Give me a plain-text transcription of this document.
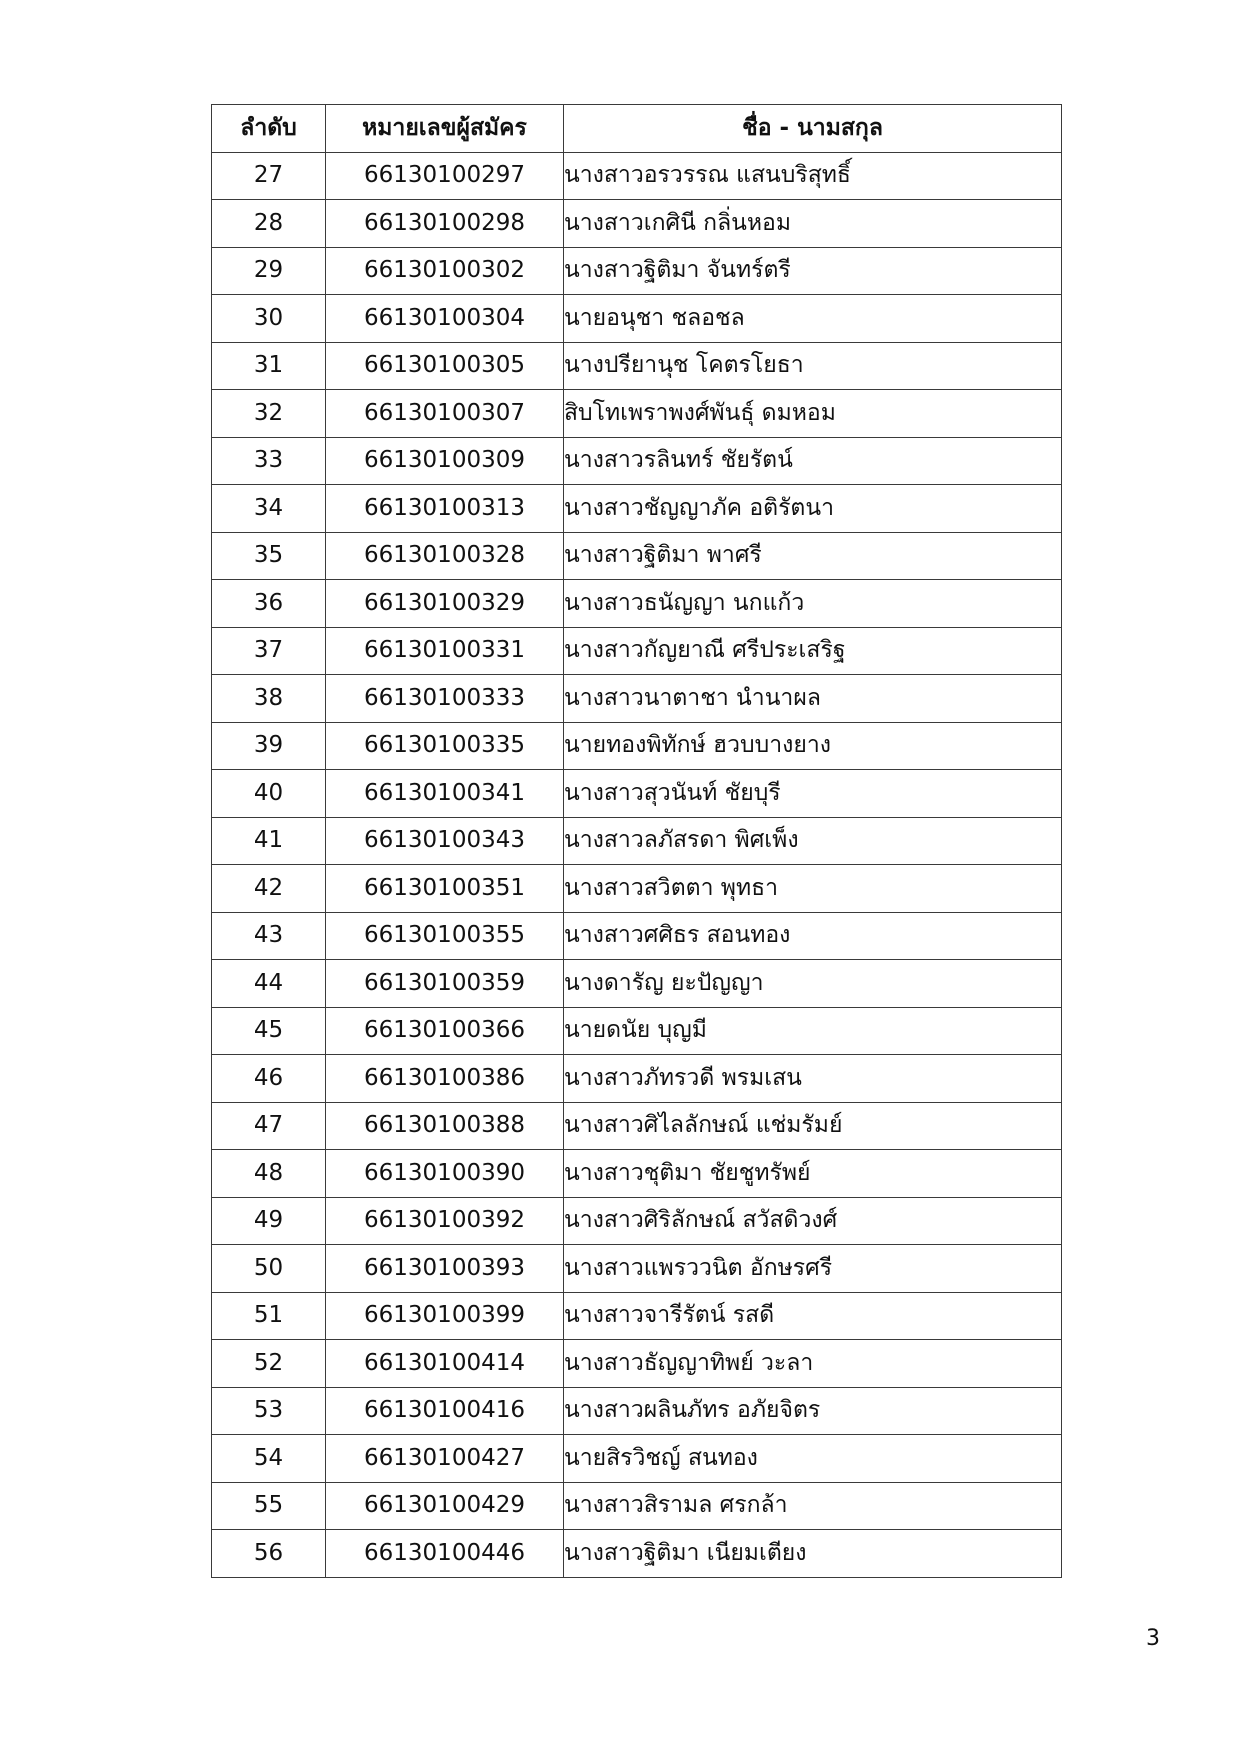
ลำดับ	หมายเลขผู้สมัคร	ชื่อ - นามสกุล
27	66130100297	นางสาวอรวรรณ แสนบริสุทธิ์
28	66130100298	นางสาวเกศินี กลิ่นหอม
29	66130100302	นางสาวฐิติมา จันทร์ตรี
30	66130100304	นายอนุชา ชลอชล
31	66130100305	นางปรียานุช โคตรโยธา
32	66130100307	สิบโทเพราพงศ์พันธุ์ ดมหอม
33	66130100309	นางสาวรลินทร์ ชัยรัตน์
34	66130100313	นางสาวชัญญาภัค อติรัตนา
35	66130100328	นางสาวฐิติมา พาศรี
36	66130100329	นางสาวธนัญญา นกแก้ว
37	66130100331	นางสาวกัญยาณี ศรีประเสริฐ
38	66130100333	นางสาวนาตาชา นำนาผล
39	66130100335	นายทองพิทักษ์ ฮวบบางยาง
40	66130100341	นางสาวสุวนันท์ ชัยบุรี
41	66130100343	นางสาวลภัสรดา พิศเพ็ง
42	66130100351	นางสาวสวิตตา พุทธา
43	66130100355	นางสาวศศิธร สอนทอง
44	66130100359	นางดารัญ ยะปัญญา
45	66130100366	นายดนัย บุญมี
46	66130100386	นางสาวภัทรวดี พรมเสน
47	66130100388	นางสาวศิไลลักษณ์ แช่มรัมย์
48	66130100390	นางสาวชุติมา ชัยชูทรัพย์
49	66130100392	นางสาวศิริลักษณ์ สวัสดิวงศ์
50	66130100393	นางสาวแพรววนิต อักษรศรี
51	66130100399	นางสาวจารีรัตน์ รสดี
52	66130100414	นางสาวธัญญาทิพย์ วะลา
53	66130100416	นางสาวผลินภัทร อภัยจิตร
54	66130100427	นายสิรวิชญ์ สนทอง
55	66130100429	นางสาวสิรามล ศรกล้า
56	66130100446	นางสาวฐิติมา เนียมเตียง
3
